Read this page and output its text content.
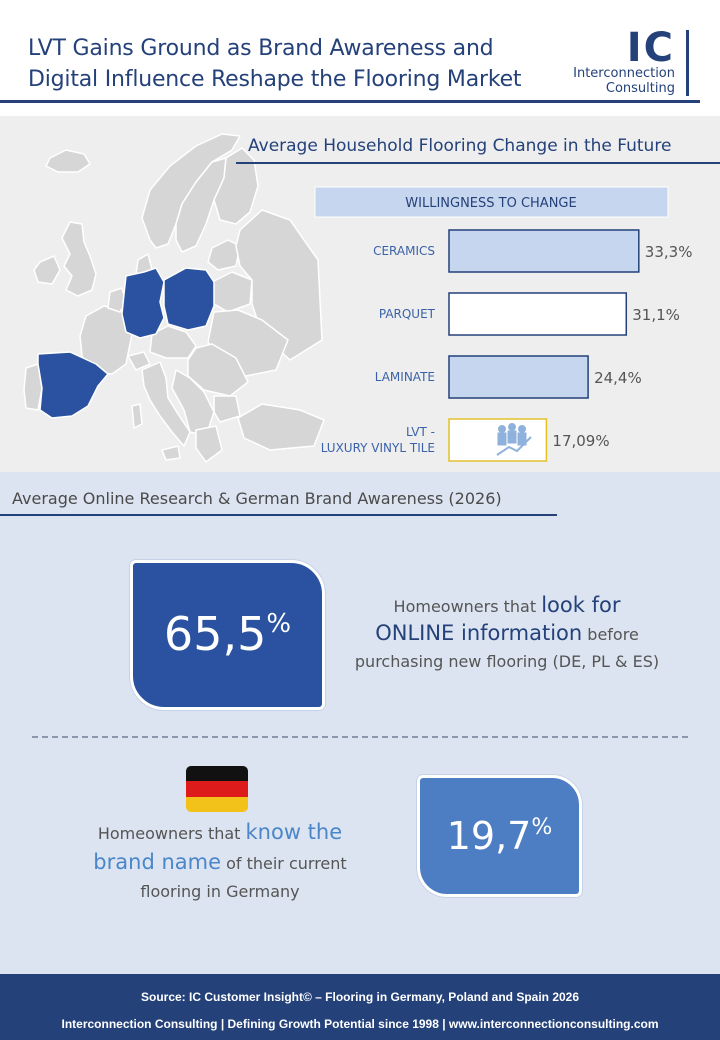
LVT Gains Ground as Brand Awareness and
Digital Influence Reshape the Flooring Market
IC
Interconnection
Consulting
Average Household Flooring Change in the Future
WILLINGNESS TO CHANGE
CERAMICS	33,3%
PARQUET	31,1%
LAMINATE	24,4%
LVT -
LUXURY VINYL TILE	17,09%
Average Online Research & German Brand Awareness (2026)
65,5%
Homeowners that look for
ONLINE information before purchasing new flooring (DE, PL & ES)
Homeowners that know the
brand name of their current flooring in Germany
19,7%
Source: IC Customer Insight© – Flooring in Germany, Poland and Spain 2026
Interconnection Consulting | Defining Growth Potential since 1998 | www.interconnectionconsulting.com
